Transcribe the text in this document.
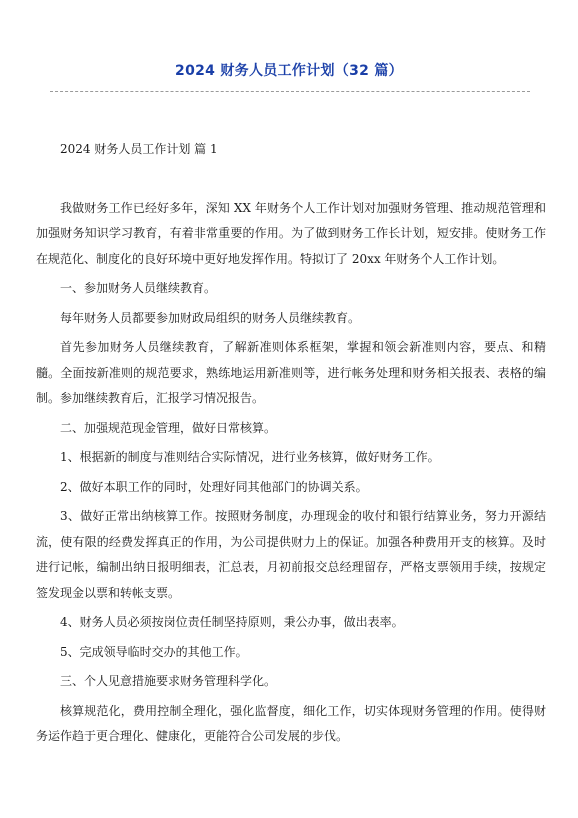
2024 财务人员工作计划（32 篇）

2024 财务人员工作计划 篇 1

我做财务工作已经好多年，深知 XX 年财务个人工作计划对加强财务管理、推动规范管理和加强财务知识学习教育，有着非常重要的作用。为了做到财务工作长计划，短安排。使财务工作在规范化、制度化的良好环境中更好地发挥作用。特拟订了 20xx 年财务个人工作计划。

一、参加财务人员继续教育。

每年财务人员都要参加财政局组织的财务人员继续教育。

首先参加财务人员继续教育，了解新准则体系框架，掌握和领会新准则内容，要点、和精髓。全面按新准则的规范要求，熟练地运用新准则等，进行帐务处理和财务相关报表、表格的编制。参加继续教育后，汇报学习情况报告。

二、加强规范现金管理，做好日常核算。

1、根据新的制度与准则结合实际情况，进行业务核算，做好财务工作。

2、做好本职工作的同时，处理好同其他部门的协调关系。

3、做好正常出纳核算工作。按照财务制度，办理现金的收付和银行结算业务，努力开源结流，使有限的经费发挥真正的作用，为公司提供财力上的保证。加强各种费用开支的核算。及时进行记帐，编制出纳日报明细表，汇总表，月初前报交总经理留存，严格支票领用手续，按规定签发现金以票和转帐支票。

4、财务人员必须按岗位责任制坚持原则，秉公办事，做出表率。

5、完成领导临时交办的其他工作。

三、个人见意措施要求财务管理科学化。

核算规范化，费用控制全理化，强化监督度，细化工作，切实体现财务管理的作用。使得财务运作趋于更合理化、健康化，更能符合公司发展的步伐。
